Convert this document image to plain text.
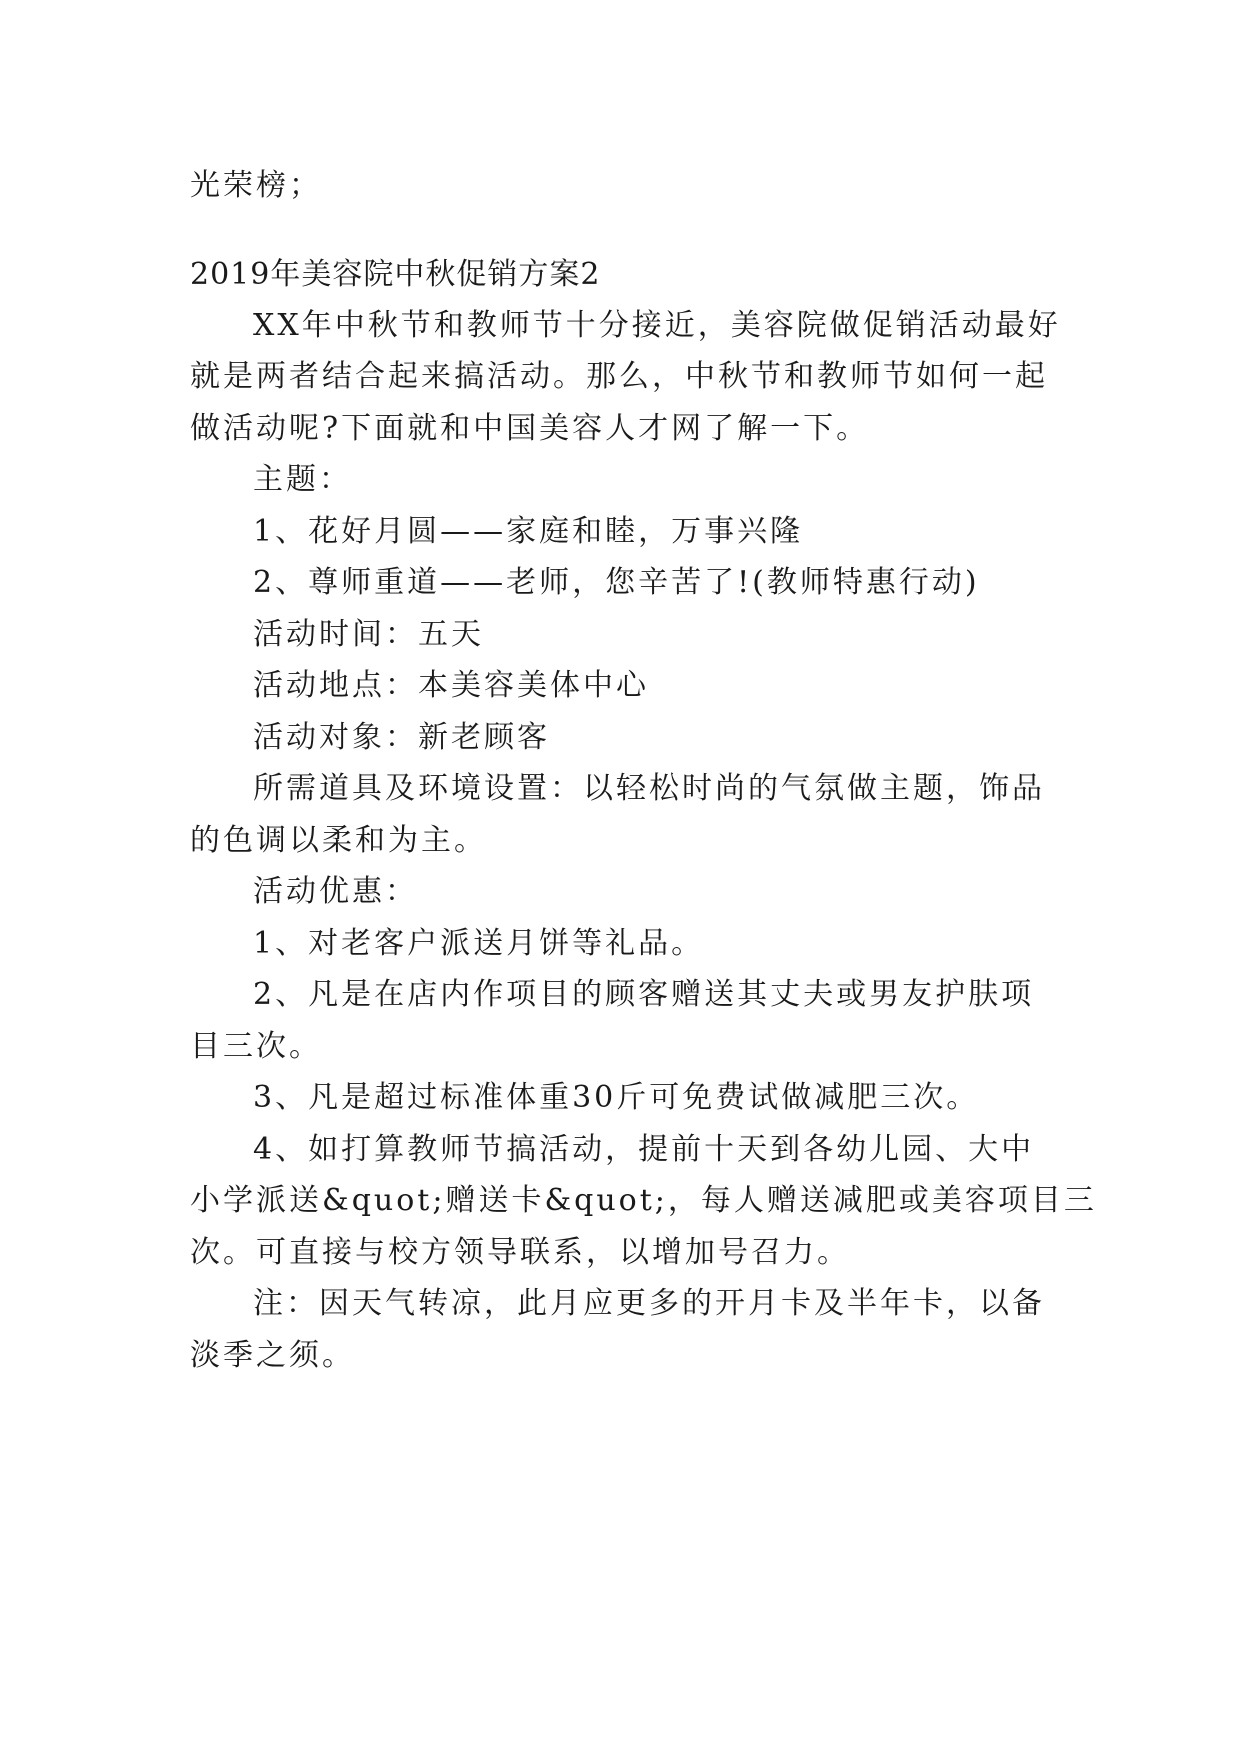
光荣榜；
2019年美容院中秋促销方案2
XX年中秋节和教师节十分接近，美容院做促销活动最好
就是两者结合起来搞活动。那么，中秋节和教师节如何一起
做活动呢?下面就和中国美容人才网了解一下。
主题：
1、花好月圆——家庭和睦，万事兴隆
2、尊师重道——老师，您辛苦了!(教师特惠行动)
活动时间：五天
活动地点：本美容美体中心
活动对象：新老顾客
所需道具及环境设置：以轻松时尚的气氛做主题，饰品
的色调以柔和为主。
活动优惠：
1、对老客户派送月饼等礼品。
2、凡是在店内作项目的顾客赠送其丈夫或男友护肤项
目三次。
3、凡是超过标准体重30斤可免费试做减肥三次。
4、如打算教师节搞活动，提前十天到各幼儿园、大中
小学派送&quot;赠送卡&quot;，每人赠送减肥或美容项目三
次。可直接与校方领导联系，以增加号召力。
注：因天气转凉，此月应更多的开月卡及半年卡，以备
淡季之须。
